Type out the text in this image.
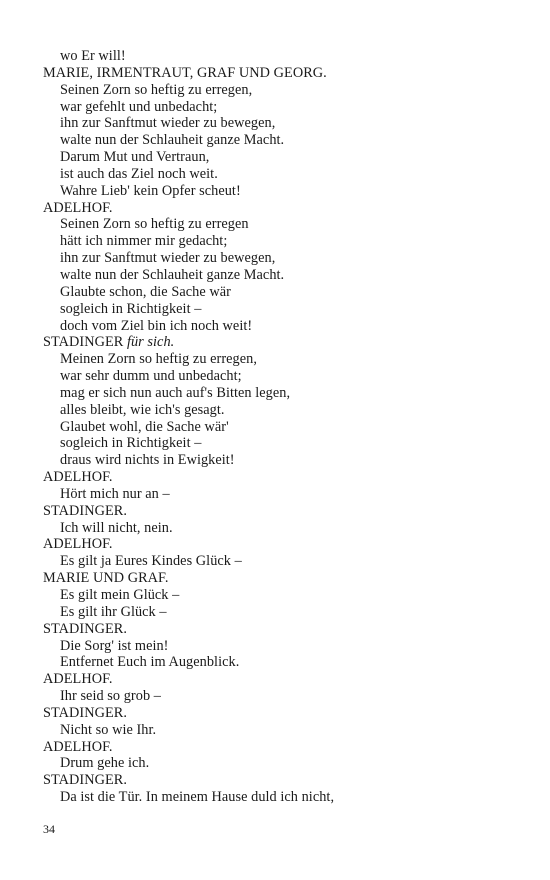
wo Er will!
MARIE, IRMENTRAUT, GRAF UND GEORG.
Seinen Zorn so heftig zu erregen,
war gefehlt und unbedacht;
ihn zur Sanftmut wieder zu bewegen,
walte nun der Schlauheit ganze Macht.
Darum Mut und Vertraun,
ist auch das Ziel noch weit.
Wahre Lieb' kein Opfer scheut!
ADELHOF.
Seinen Zorn so heftig zu erregen
hätt ich nimmer mir gedacht;
ihn zur Sanftmut wieder zu bewegen,
walte nun der Schlauheit ganze Macht.
Glaubte schon, die Sache wär
sogleich in Richtigkeit –
doch vom Ziel bin ich noch weit!
STADINGER für sich.
Meinen Zorn so heftig zu erregen,
war sehr dumm und unbedacht;
mag er sich nun auch auf's Bitten legen,
alles bleibt, wie ich's gesagt.
Glaubet wohl, die Sache wär'
sogleich in Richtigkeit –
draus wird nichts in Ewigkeit!
ADELHOF.
Hört mich nur an –
STADINGER.
Ich will nicht, nein.
ADELHOF.
Es gilt ja Eures Kindes Glück –
MARIE UND GRAF.
Es gilt mein Glück –
Es gilt ihr Glück –
STADINGER.
Die Sorg' ist mein!
Entfernet Euch im Augenblick.
ADELHOF.
Ihr seid so grob –
STADINGER.
Nicht so wie Ihr.
ADELHOF.
Drum gehe ich.
STADINGER.
Da ist die Tür. In meinem Hause duld ich nicht,
34
